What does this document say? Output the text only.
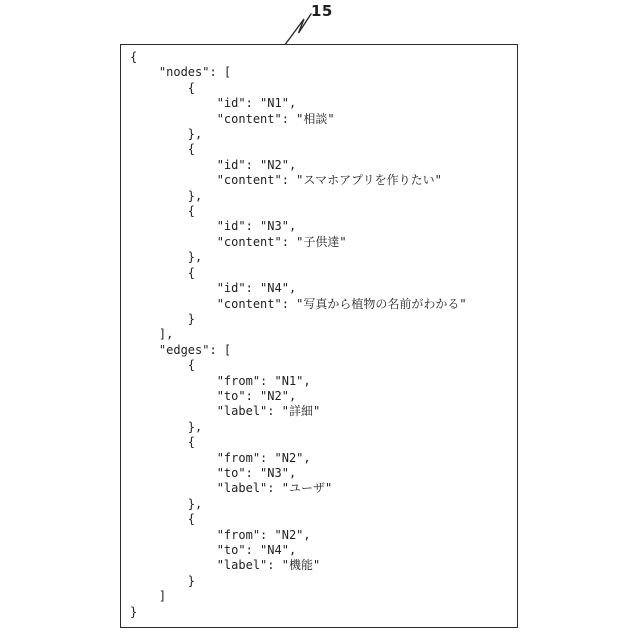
15
{
"nodes": [
{
"id": "N1",
"content": "相談"
},
{
"id": "N2",
"content": "スマホアプリを作りたい"
},
{
"id": "N3",
"content": "子供達"
},
{
"id": "N4",
"content": "写真から植物の名前がわかる"
}
],
"edges": [
{
"from": "N1",
"to": "N2",
"label": "詳細"
},
{
"from": "N2",
"to": "N3",
"label": "ユーザ"
},
{
"from": "N2",
"to": "N4",
"label": "機能"
}
]
}
